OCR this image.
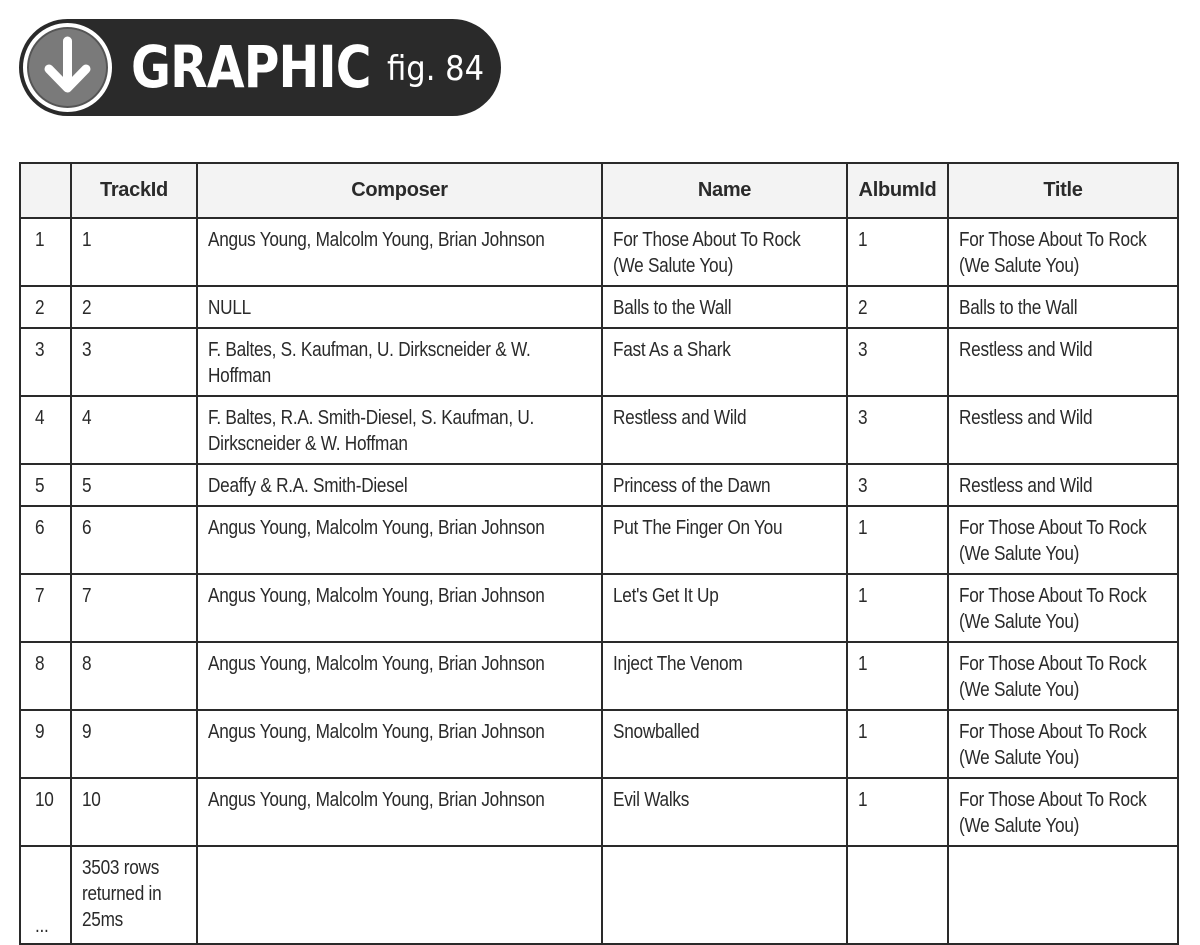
GRAPHIC fig. 84
	TrackId	Composer	Name	AlbumId	Title

1	1	Angus Young, Malcolm Young, Brian Johnson	For Those About To Rock (We Salute You)	1	For Those About To Rock (We Salute You)

2	2	NULL	Balls to the Wall	2	Balls to the Wall

3	3	F. Baltes, S. Kaufman, U. Dirkscneider & W. Hoffman	Fast As a Shark	3	Restless and Wild

4	4	F. Baltes, R.A. Smith-Diesel, S. Kaufman, U. Dirkscneider & W. Hoffman	Restless and Wild	3	Restless and Wild

5	5	Deaffy & R.A. Smith-Diesel	Princess of the Dawn	3	Restless and Wild

6	6	Angus Young, Malcolm Young, Brian Johnson	Put The Finger On You	1	For Those About To Rock (We Salute You)

7	7	Angus Young, Malcolm Young, Brian Johnson	Let's Get It Up	1	For Those About To Rock (We Salute You)

8	8	Angus Young, Malcolm Young, Brian Johnson	Inject The Venom	1	For Those About To Rock (We Salute You)

9	9	Angus Young, Malcolm Young, Brian Johnson	Snowballed	1	For Those About To Rock (We Salute You)

10	10	Angus Young, Malcolm Young, Brian Johnson	Evil Walks	1	For Those About To Rock (We Salute You)

...	3503 rows returned in 25ms				
